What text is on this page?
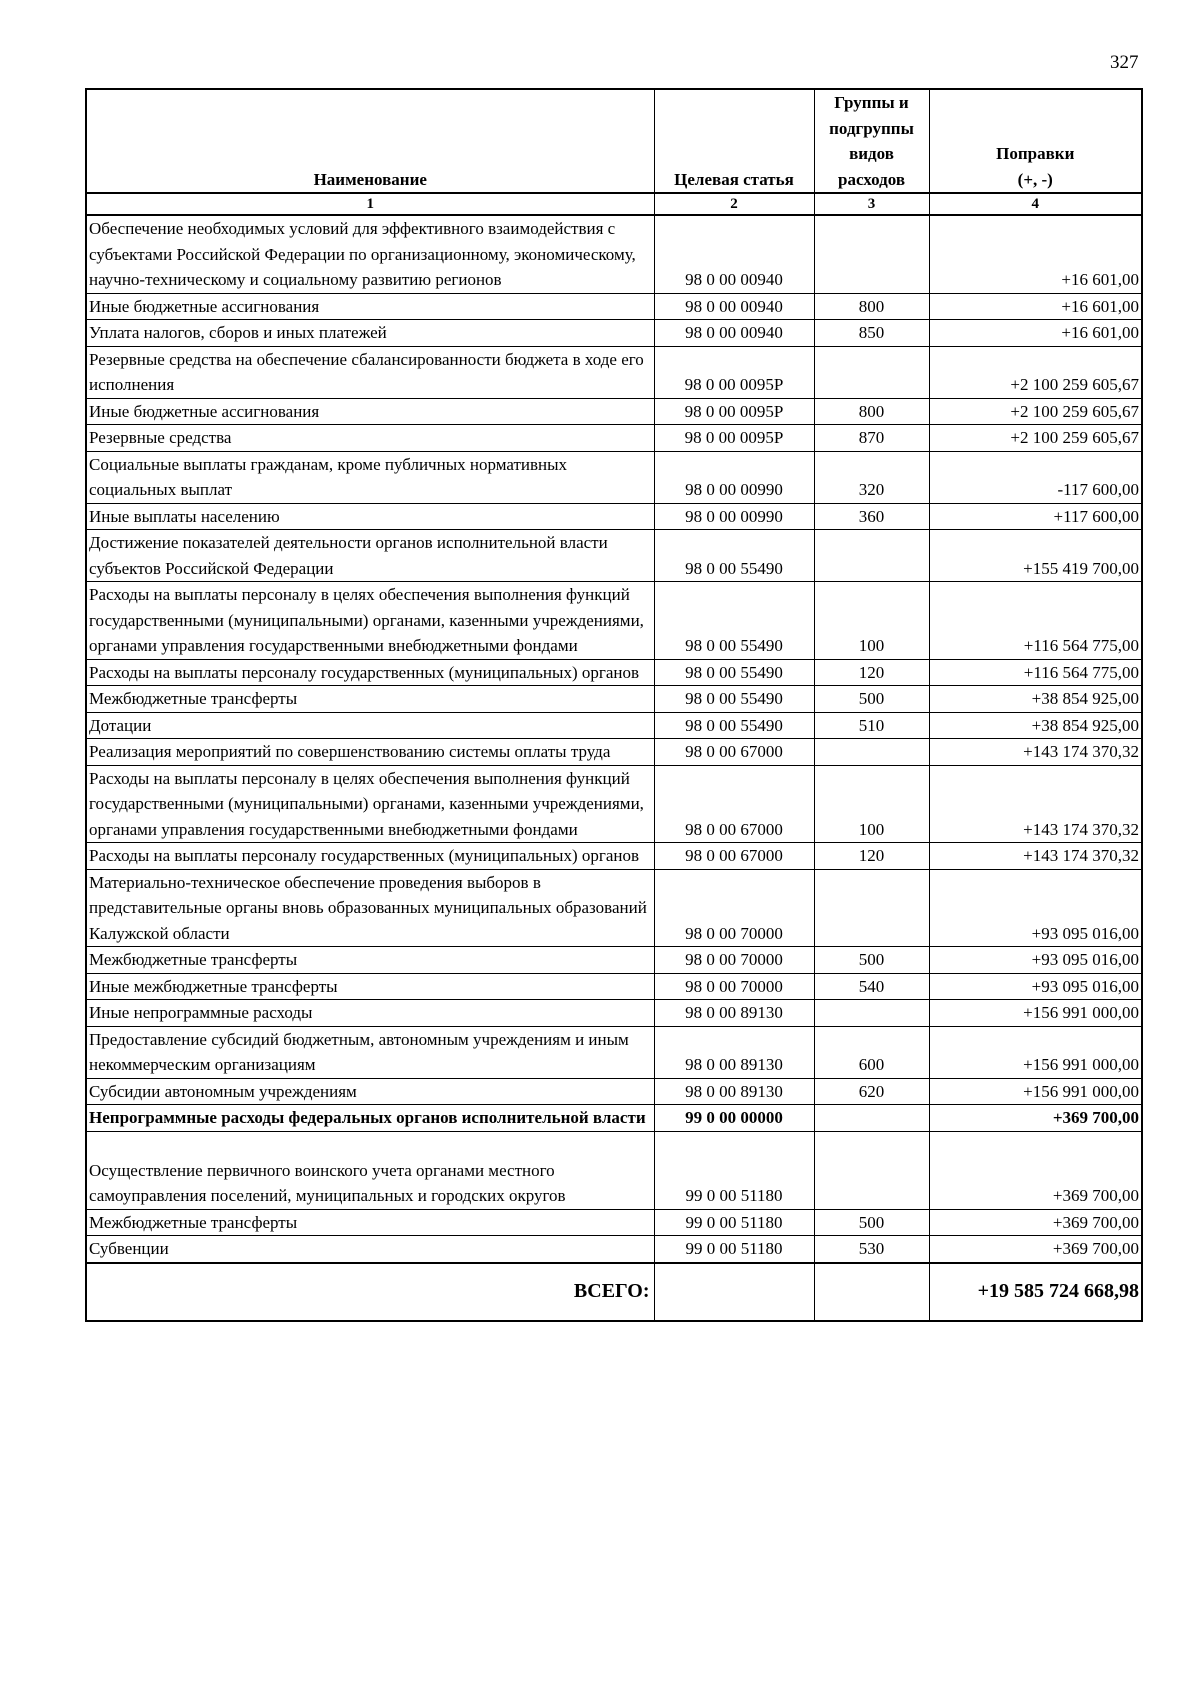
327
Наименование	Целевая статья	Группы и подгруппы видов расходов	Поправки
(+, -)
1	2	3	4
Обеспечение необходимых условий для эффективного взаимодействия с субъектами Российской Федерации по организационному, экономическому, научно-техническому и социальному развитию регионов	98 0 00 00940		+16 601,00
Иные бюджетные ассигнования	98 0 00 00940	800	+16 601,00
Уплата налогов, сборов и иных платежей	98 0 00 00940	850	+16 601,00
Резервные средства на обеспечение сбалансированности бюджета в ходе его исполнения	98 0 00 0095Р		+2 100 259 605,67
Иные бюджетные ассигнования	98 0 00 0095Р	800	+2 100 259 605,67
Резервные средства	98 0 00 0095Р	870	+2 100 259 605,67
Социальные выплаты гражданам, кроме публичных нормативных социальных выплат	98 0 00 00990	320	-117 600,00
Иные выплаты населению	98 0 00 00990	360	+117 600,00
Достижение показателей деятельности органов исполнительной власти субъектов Российской Федерации	98 0 00 55490		+155 419 700,00
Расходы на выплаты персоналу в целях обеспечения выполнения функций государственными (муниципальными) органами, казенными учреждениями, органами управления государственными внебюджетными фондами	98 0 00 55490	100	+116 564 775,00
Расходы на выплаты персоналу государственных (муниципальных) органов	98 0 00 55490	120	+116 564 775,00
Межбюджетные трансферты	98 0 00 55490	500	+38 854 925,00
Дотации	98 0 00 55490	510	+38 854 925,00
Реализация мероприятий по совершенствованию системы оплаты труда	98 0 00 67000		+143 174 370,32
Расходы на выплаты персоналу в целях обеспечения выполнения функций государственными (муниципальными) органами, казенными учреждениями, органами управления государственными внебюджетными фондами	98 0 00 67000	100	+143 174 370,32
Расходы на выплаты персоналу государственных (муниципальных) органов	98 0 00 67000	120	+143 174 370,32
Материально-техническое обеспечение проведения выборов в представительные органы вновь образованных муниципальных образований Калужской области	98 0 00 70000		+93 095 016,00
Межбюджетные трансферты	98 0 00 70000	500	+93 095 016,00
Иные межбюджетные трансферты	98 0 00 70000	540	+93 095 016,00
Иные непрограммные расходы	98 0 00 89130		+156 991 000,00
Предоставление субсидий бюджетным, автономным учреждениям и иным некоммерческим организациям	98 0 00 89130	600	+156 991 000,00
Субсидии автономным учреждениям	98 0 00 89130	620	+156 991 000,00
Непрограммные расходы федеральных органов исполнительной власти	99 0 00 00000		+369 700,00
Осуществление первичного воинского учета органами местного самоуправления поселений, муниципальных и городских округов	99 0 00 51180		+369 700,00
Межбюджетные трансферты	99 0 00 51180	500	+369 700,00
Субвенции	99 0 00 51180	530	+369 700,00
ВСЕГО:			+19 585 724 668,98
